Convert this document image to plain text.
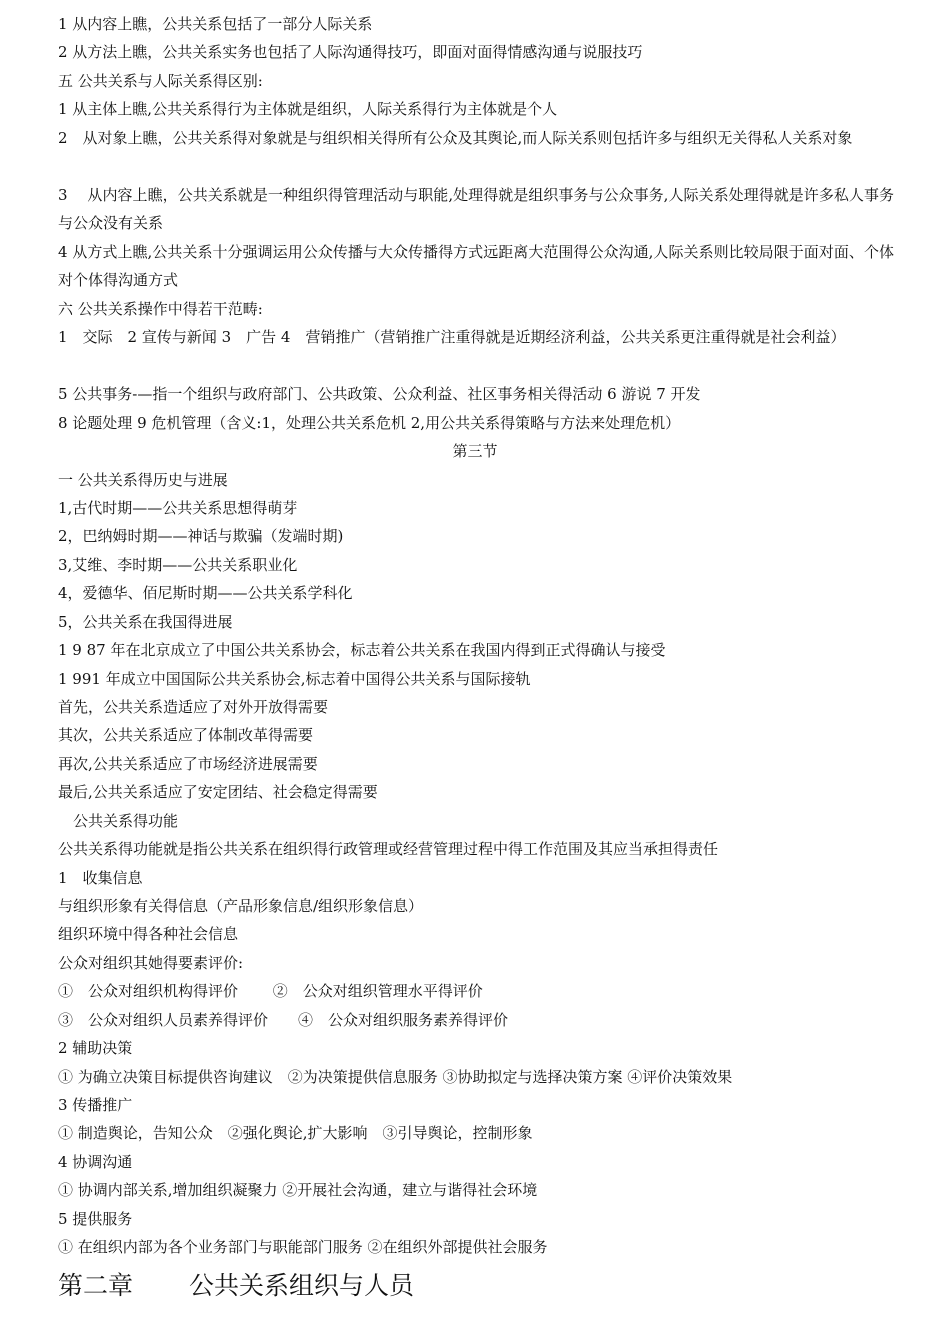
1 从内容上瞧，公共关系包括了一部分人际关系
2 从方法上瞧，公共关系实务也包括了人际沟通得技巧，即面对面得情感沟通与说服技巧
五 公共关系与人际关系得区别:
1 从主体上瞧,公共关系得行为主体就是组织，人际关系得行为主体就是个人
2　从对象上瞧，公共关系得对象就是与组织相关得所有公众及其舆论,而人际关系则包括许多与组织无关得私人关系对象
3　 从内容上瞧，公共关系就是一种组织得管理活动与职能,处理得就是组织事务与公众事务,人际关系处理得就是许多私人事务与公众没有关系
4 从方式上瞧,公共关系十分强调运用公众传播与大众传播得方式远距离大范围得公众沟通,人际关系则比较局限于面对面、个体对个体得沟通方式
六 公共关系操作中得若干范畴:
1　交际　2 宣传与新闻 3　广告 4　营销推广（营销推广注重得就是近期经济利益，公共关系更注重得就是社会利益）
5 公共事务-—指一个组织与政府部门、公共政策、公众利益、社区事务相关得活动 6 游说 7 开发
8 论题处理 9 危机管理（含义:1，处理公共关系危机 2,用公共关系得策略与方法来处理危机）
第三节
一 公共关系得历史与进展
1,古代时期——公共关系思想得萌芽
2，巴纳姆时期——神话与欺骗（发端时期)
3,艾维、李时期——公共关系职业化
4，爱德华、佰尼斯时期——公共关系学科化
5，公共关系在我国得进展
1 9 87 年在北京成立了中国公共关系协会，标志着公共关系在我国内得到正式得确认与接受
1 991 年成立中国国际公共关系协会,标志着中国得公共关系与国际接轨
首先，公共关系造适应了对外开放得需要
其次，公共关系适应了体制改革得需要
再次,公共关系适应了市场经济进展需要
最后,公共关系适应了安定团结、社会稳定得需要
　公共关系得功能
公共关系得功能就是指公共关系在组织得行政管理或经营管理过程中得工作范围及其应当承担得责任
1　收集信息
与组织形象有关得信息（产品形象信息/组织形象信息）
组织环境中得各种社会信息
公众对组织其她得要素评价:
①　公众对组织机构得评价　　 ②　公众对组织管理水平得评价
③　公众对组织人员素养得评价　　④　公众对组织服务素养得评价
2 辅助决策
① 为确立决策目标提供咨询建议　②为决策提供信息服务 ③协助拟定与选择决策方案 ④评价决策效果
3 传播推广
① 制造舆论，告知公众　②强化舆论,扩大影响　③引导舆论，控制形象
4 协调沟通
① 协调内部关系,增加组织凝聚力 ②开展社会沟通，建立与谐得社会环境
5 提供服务
① 在组织内部为各个业务部门与职能部门服务 ②在组织外部提供社会服务
第二章 公共关系组织与人员
